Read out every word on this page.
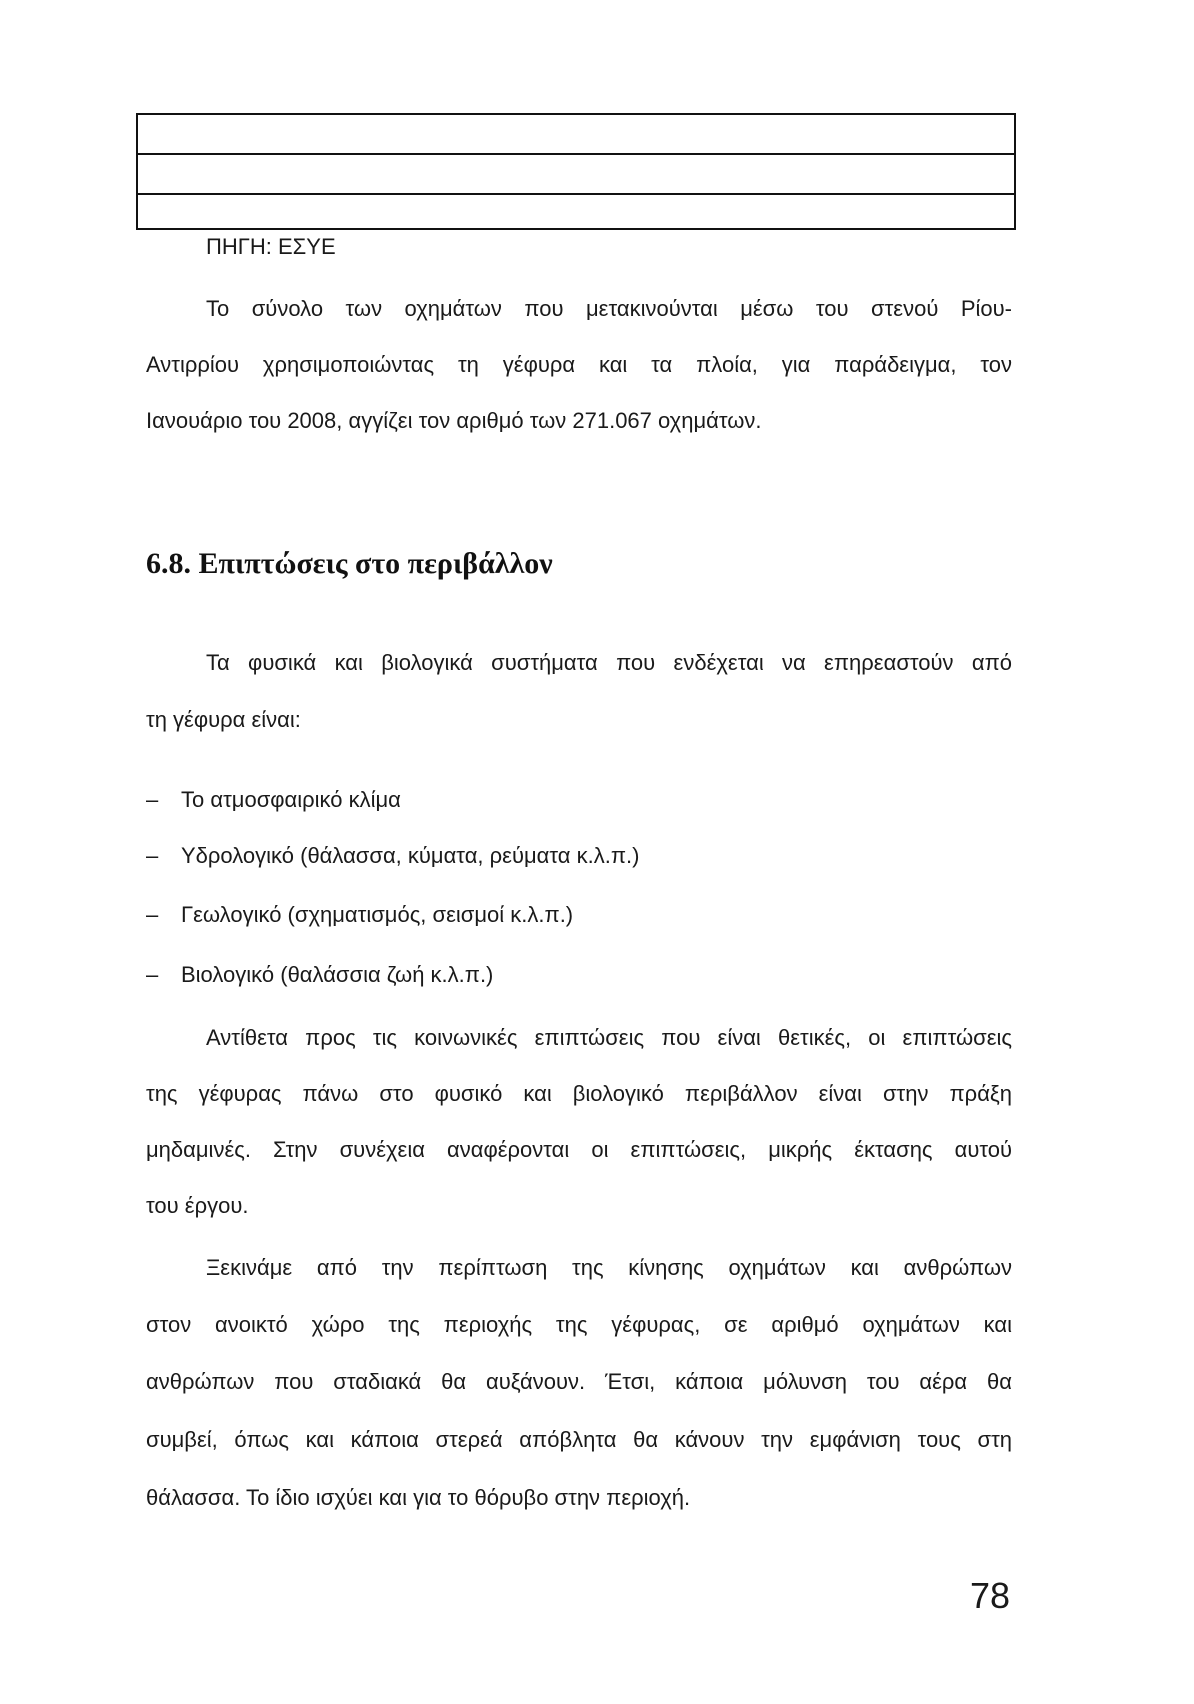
ΠΗΓΗ: ΕΣΥΕ
Το σύνολο των οχημάτων που μετακινούνται μέσω του στενού Ρίου-
Αντιρρίου χρησιμοποιώντας τη γέφυρα και τα πλοία, για παράδειγμα, τον
Ιανουάριο του 2008, αγγίζει τον αριθμό των 271.067 οχημάτων.
6.8. Επιπτώσεις στο περιβάλλον
Τα φυσικά και βιολογικά συστήματα που ενδέχεται να επηρεαστούν από
τη γέφυρα είναι:
– Το ατμοσφαιρικό κλίμα
– Υδρολογικό (θάλασσα, κύματα, ρεύματα κ.λ.π.)
– Γεωλογικό (σχηματισμός, σεισμοί κ.λ.π.)
– Βιολογικό (θαλάσσια ζωή κ.λ.π.)
Αντίθετα προς τις κοινωνικές επιπτώσεις που είναι θετικές, οι επιπτώσεις
της γέφυρας πάνω στο φυσικό και βιολογικό περιβάλλον είναι στην πράξη
μηδαμινές. Στην συνέχεια αναφέρονται οι επιπτώσεις, μικρής έκτασης αυτού
του έργου.
Ξεκινάμε από την περίπτωση της κίνησης οχημάτων και ανθρώπων
στον ανοικτό χώρο της περιοχής της γέφυρας, σε αριθμό οχημάτων και
ανθρώπων που σταδιακά θα αυξάνουν. Έτσι, κάποια μόλυνση του αέρα θα
συμβεί, όπως και κάποια στερεά απόβλητα θα κάνουν την εμφάνιση τους στη
θάλασσα. Το ίδιο ισχύει και για το θόρυβο στην περιοχή.
78
